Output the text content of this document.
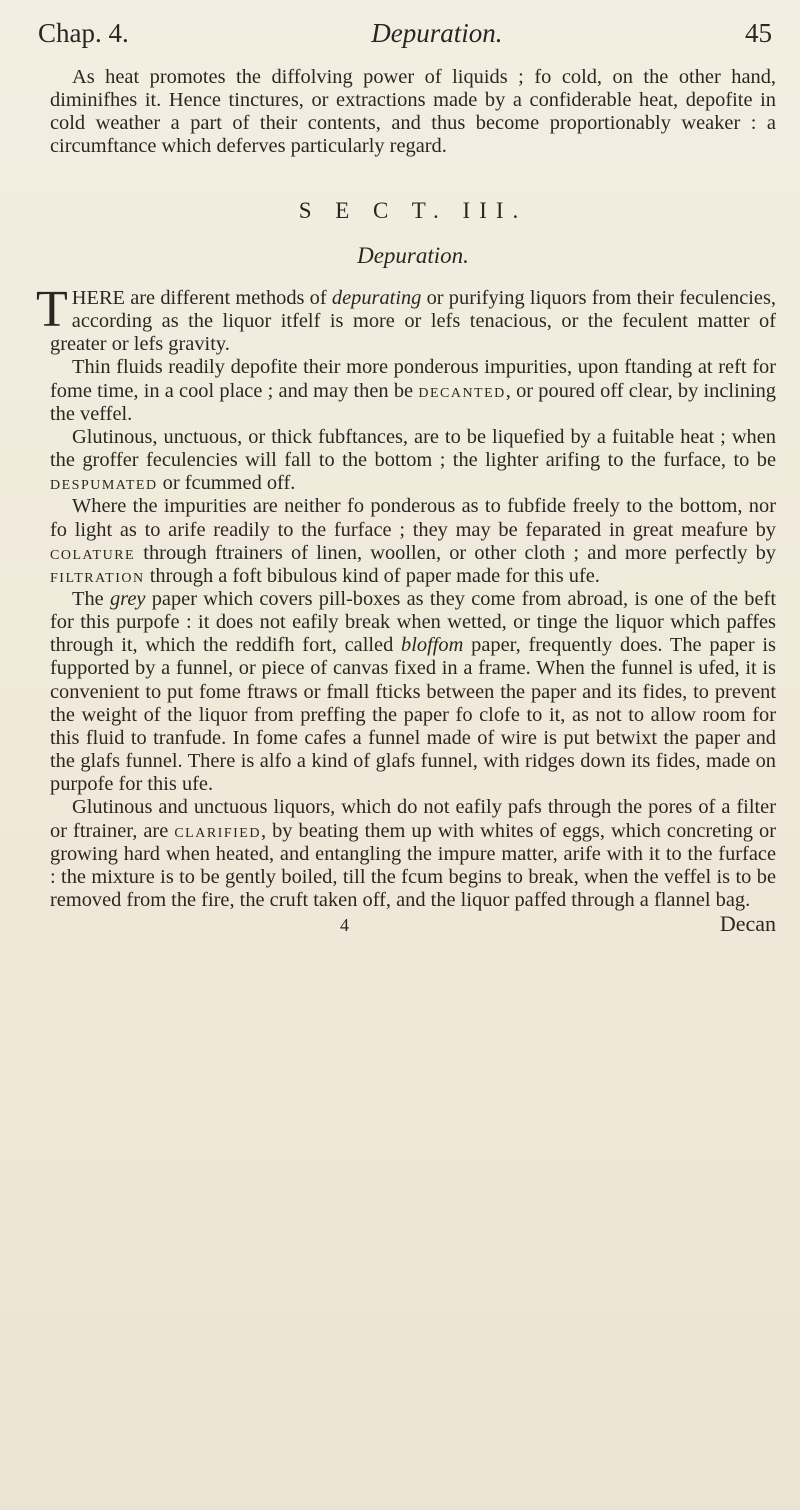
Chap. 4.	Depuration.	45

As heat promotes the diffolving power of liquids ; fo cold, on the other hand, diminifhes it. Hence tinctures, or extractions made by a confiderable heat, depofite in cold weather a part of their contents, and thus become proportionably weaker : a circumftance which deferves particularly regard.

S E C T. III.
Depuration.

THERE are different methods of depurating or purifying liquors from their feculencies, according as the liquor itfelf is more or lefs tenacious, or the feculent matter of greater or lefs gravity.

Thin fluids readily depofite their more ponderous impurities, upon ftanding at reft for fome time, in a cool place ; and may then be decanted, or poured off clear, by inclining the veffel.

Glutinous, unctuous, or thick fubftances, are to be liquefied by a fuitable heat ; when the groffer feculencies will fall to the bottom ; the lighter arifing to the furface, to be despumated or fcummed off.

Where the impurities are neither fo ponderous as to fubfide freely to the bottom, nor fo light as to arife readily to the furface ; they may be feparated in great meafure by colature through ftrainers of linen, woollen, or other cloth ; and more perfectly by filtration through a foft bibulous kind of paper made for this ufe.

The grey paper which covers pill-boxes as they come from abroad, is one of the beft for this purpofe : it does not eafily break when wetted, or tinge the liquor which paffes through it, which the reddifh fort, called bloffom paper, frequently does. The paper is fupported by a funnel, or piece of canvas fixed in a frame. When the funnel is ufed, it is convenient to put fome ftraws or fmall fticks between the paper and its fides, to prevent the weight of the liquor from preffing the paper fo clofe to it, as not to allow room for this fluid to tranfude. In fome cafes a funnel made of wire is put betwixt the paper and the glafs funnel. There is alfo a kind of glafs funnel, with ridges down its fides, made on purpofe for this ufe.

Glutinous and unctuous liquors, which do not eafily pafs through the pores of a filter or ftrainer, are clarified, by beating them up with whites of eggs, which concreting or growing hard when heated, and entangling the impure matter, arife with it to the furface : the mixture is to be gently boiled, till the fcum begins to break, when the veffel is to be removed from the fire, the cruft taken off, and the liquor paffed through a flannel bag.

4	Decan
